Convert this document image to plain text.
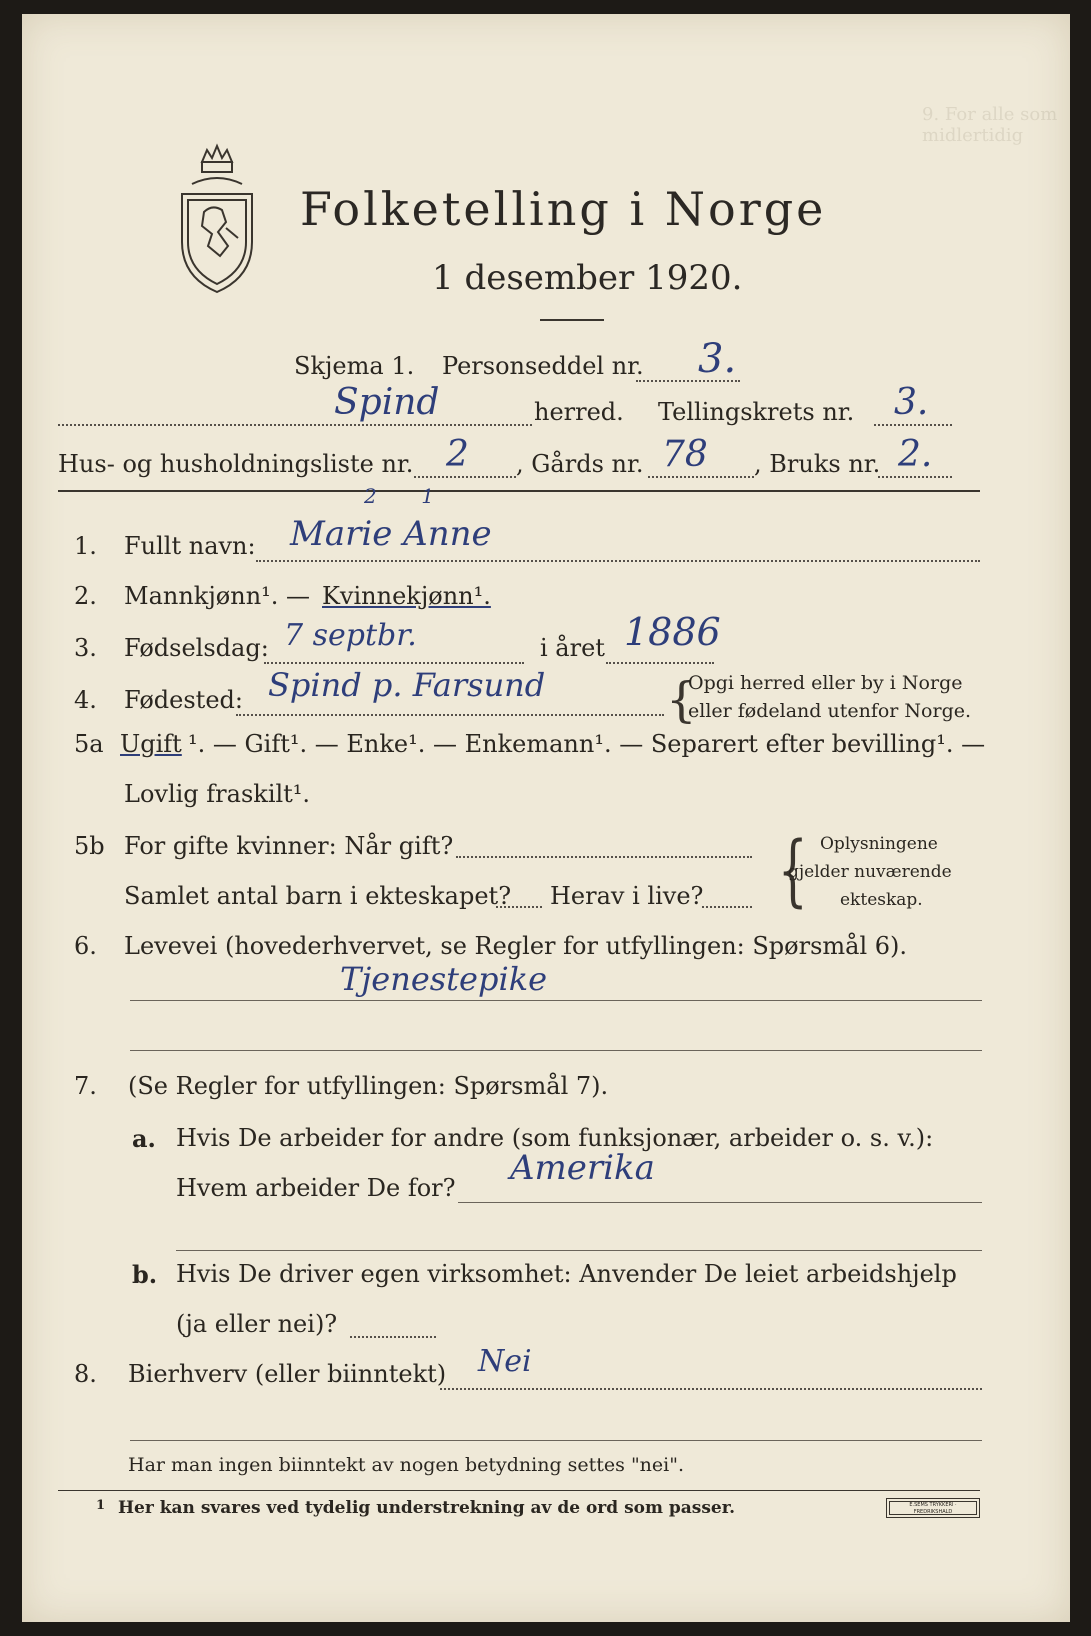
9. For alle som midlertidig
Folketelling i Norge
1 desember 1920.
Skjema 1. Personseddel nr. 3.
Spind	herred. Tellingskrets nr. 3.
Hus- og husholdningsliste nr. 2 , Gårds nr. 78 , Bruks nr. 2.
1. Fullt navn: Marie Anne
2       1
2. Mannkjønn¹. — Kvinnekjønn¹.
3. Fødselsdag: 7 septbr.	i året 1886
4. Fødested: Spind p. Farsund	{
Opgi herred eller by i Norge
eller fødeland utenfor Norge.
5a Ugift ¹. — Gift¹. — Enke¹. — Enkemann¹. — Separert efter bevilling¹. —
Lovlig fraskilt¹.
5b For gifte kvinner: Når gift?
Samlet antal barn i ekteskapet? Herav i live? { Oplysningene
gjelder nuværende
ekteskap.
6. Levevei (hovederhvervet, se Regler for utfyllingen: Spørsmål 6).
Tjenestepike
7. (Se Regler for utfyllingen: Spørsmål 7).
a. Hvis De arbeider for andre (som funksjonær, arbeider o. s. v.):
Hvem arbeider De for? Amerika
b. Hvis De driver egen virksomhet: Anvender De leiet arbeidshjelp
(ja eller nei)?
8. Bierhverv (eller biinntekt) Nei
Har man ingen biinntekt av nogen betydning settes "nei".
1 Her kan svares ved tydelig understrekning av de ord som passer.	E.SEMS TRYKKERI · FREDRIKSHALD
